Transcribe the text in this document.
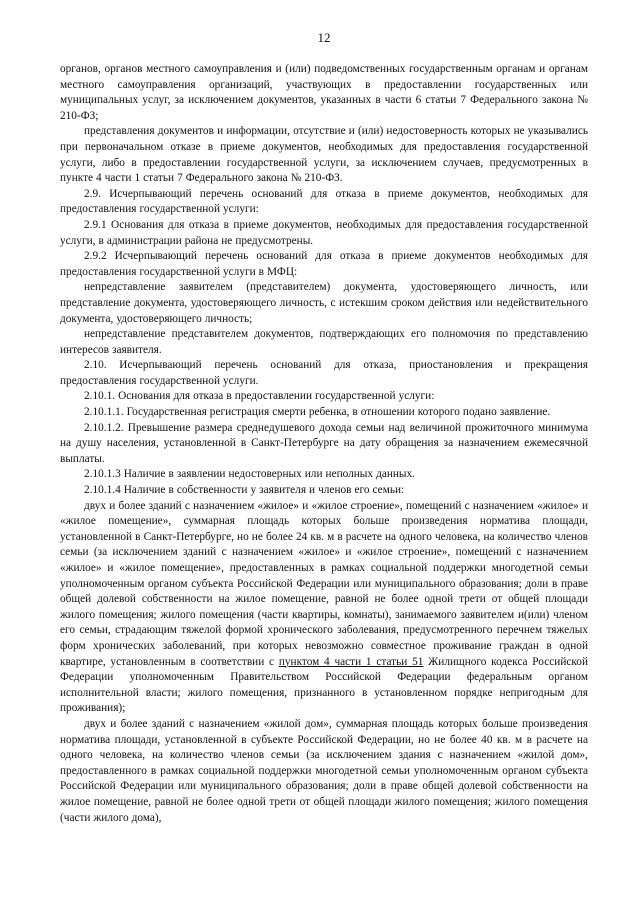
12

органов, органов местного самоуправления и (или) подведомственных государственным органам и органам местного самоуправления организаций, участвующих в предоставлении государственных или муниципальных услуг, за исключением документов, указанных в части 6 статьи 7 Федерального закона № 210-ФЗ;

представления документов и информации, отсутствие и (или) недостоверность которых не указывались при первоначальном отказе в приеме документов, необходимых для предоставления государственной услуги, либо в предоставлении государственной услуги, за исключением случаев, предусмотренных в пункте 4 части 1 статьи 7 Федерального закона № 210-ФЗ.

2.9. Исчерпывающий перечень оснований для отказа в приеме документов, необходимых для предоставления государственной услуги:

2.9.1 Основания для отказа в приеме документов, необходимых для предоставления государственной услуги, в администрации района не предусмотрены.

2.9.2 Исчерпывающий перечень оснований для отказа в приеме документов необходимых для предоставления государственной услуги в МФЦ:

непредставление заявителем (представителем) документа, удостоверяющего личность, или представление документа, удостоверяющего личность, с истекшим сроком действия или недействительного документа, удостоверяющего личность;

непредставление представителем документов, подтверждающих его полномочия по представлению интересов заявителя.

2.10. Исчерпывающий перечень оснований для отказа, приостановления и прекращения предоставления государственной услуги.

2.10.1. Основания для отказа в предоставлении государственной услуги:

2.10.1.1. Государственная регистрация смерти ребенка, в отношении которого подано заявление.

2.10.1.2. Превышение размера среднедушевого дохода семьи над величиной прожиточного минимума на душу населения, установленной в Санкт-Петербурге на дату обращения за назначением ежемесячной выплаты.

2.10.1.3 Наличие в заявлении недостоверных или неполных данных.

2.10.1.4 Наличие в собственности у заявителя и членов его семьи:

двух и более зданий с назначением «жилое» и «жилое строение», помещений с назначением «жилое» и «жилое помещение», суммарная площадь которых больше произведения норматива площади, установленной в Санкт-Петербурге, но не более 24 кв. м в расчете на одного человека, на количество членов семьи (за исключением зданий с назначением «жилое» и «жилое строение», помещений с назначением «жилое» и «жилое помещение», предоставленных в рамках социальной поддержки многодетной семьи уполномоченным органом субъекта Российской Федерации или муниципального образования; доли в праве общей долевой собственности на жилое помещение, равной не более одной трети от общей площади жилого помещения; жилого помещения (части квартиры, комнаты), занимаемого заявителем и(или) членом его семьи, страдающим тяжелой формой хронического заболевания, предусмотренного перечнем тяжелых форм хронических заболеваний, при которых невозможно совместное проживание граждан в одной квартире, установленным в соответствии с пунктом 4 части 1 статьи 51 Жилищного кодекса Российской Федерации уполномоченным Правительством Российской Федерации федеральным органом исполнительной власти; жилого помещения, признанного в установленном порядке непригодным для проживания);

двух и более зданий с назначением «жилой дом», суммарная площадь которых больше произведения норматива площади, установленной в субъекте Российской Федерации, но не более 40 кв. м в расчете на одного человека, на количество членов семьи (за исключением здания с назначением «жилой дом», предоставленного в рамках социальной поддержки многодетной семьи уполномоченным органом субъекта Российской Федерации или муниципального образования; доли в праве общей долевой собственности на жилое помещение, равной не более одной трети от общей площади жилого помещения; жилого помещения (части жилого дома),
